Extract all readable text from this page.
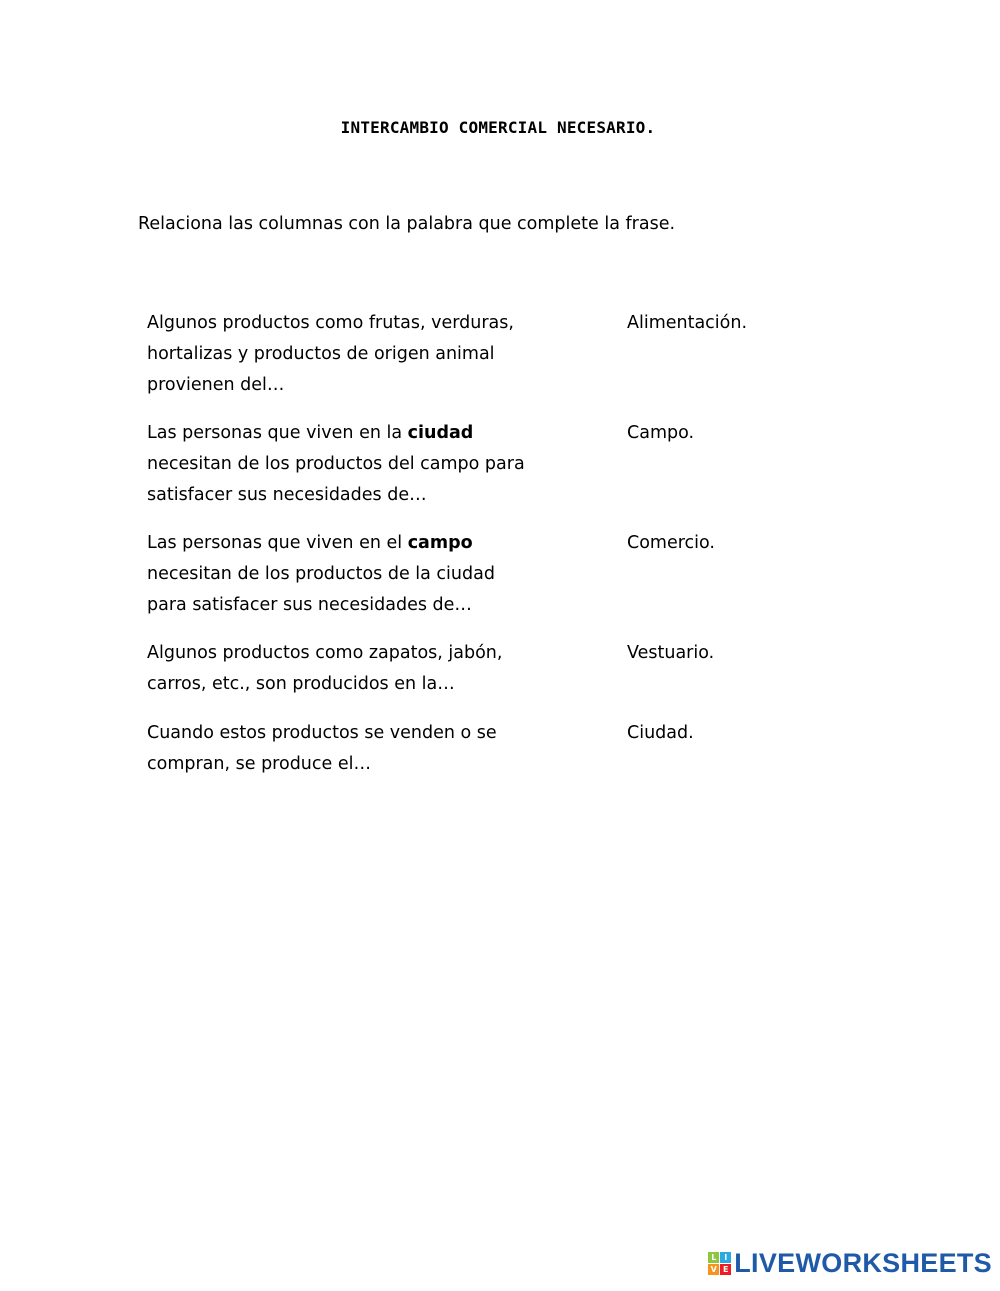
INTERCAMBIO COMERCIAL NECESARIO.
Relaciona las columnas con la palabra que complete la frase.
Algunos productos como frutas, verduras,
hortalizas y productos de origen animal
provienen del…
Alimentación.
Las personas que viven en la ciudad
necesitan de los productos del campo para
satisfacer sus necesidades de…
Campo.
Las personas que viven en el campo
necesitan de los productos de la ciudad
para satisfacer sus necesidades de…
Comercio.
Algunos productos como zapatos, jabón,
carros, etc., son producidos en la…
Vestuario.
Cuando estos productos se venden o se
compran, se produce el…
Ciudad.
L I
V E LIVEWORKSHEETS
